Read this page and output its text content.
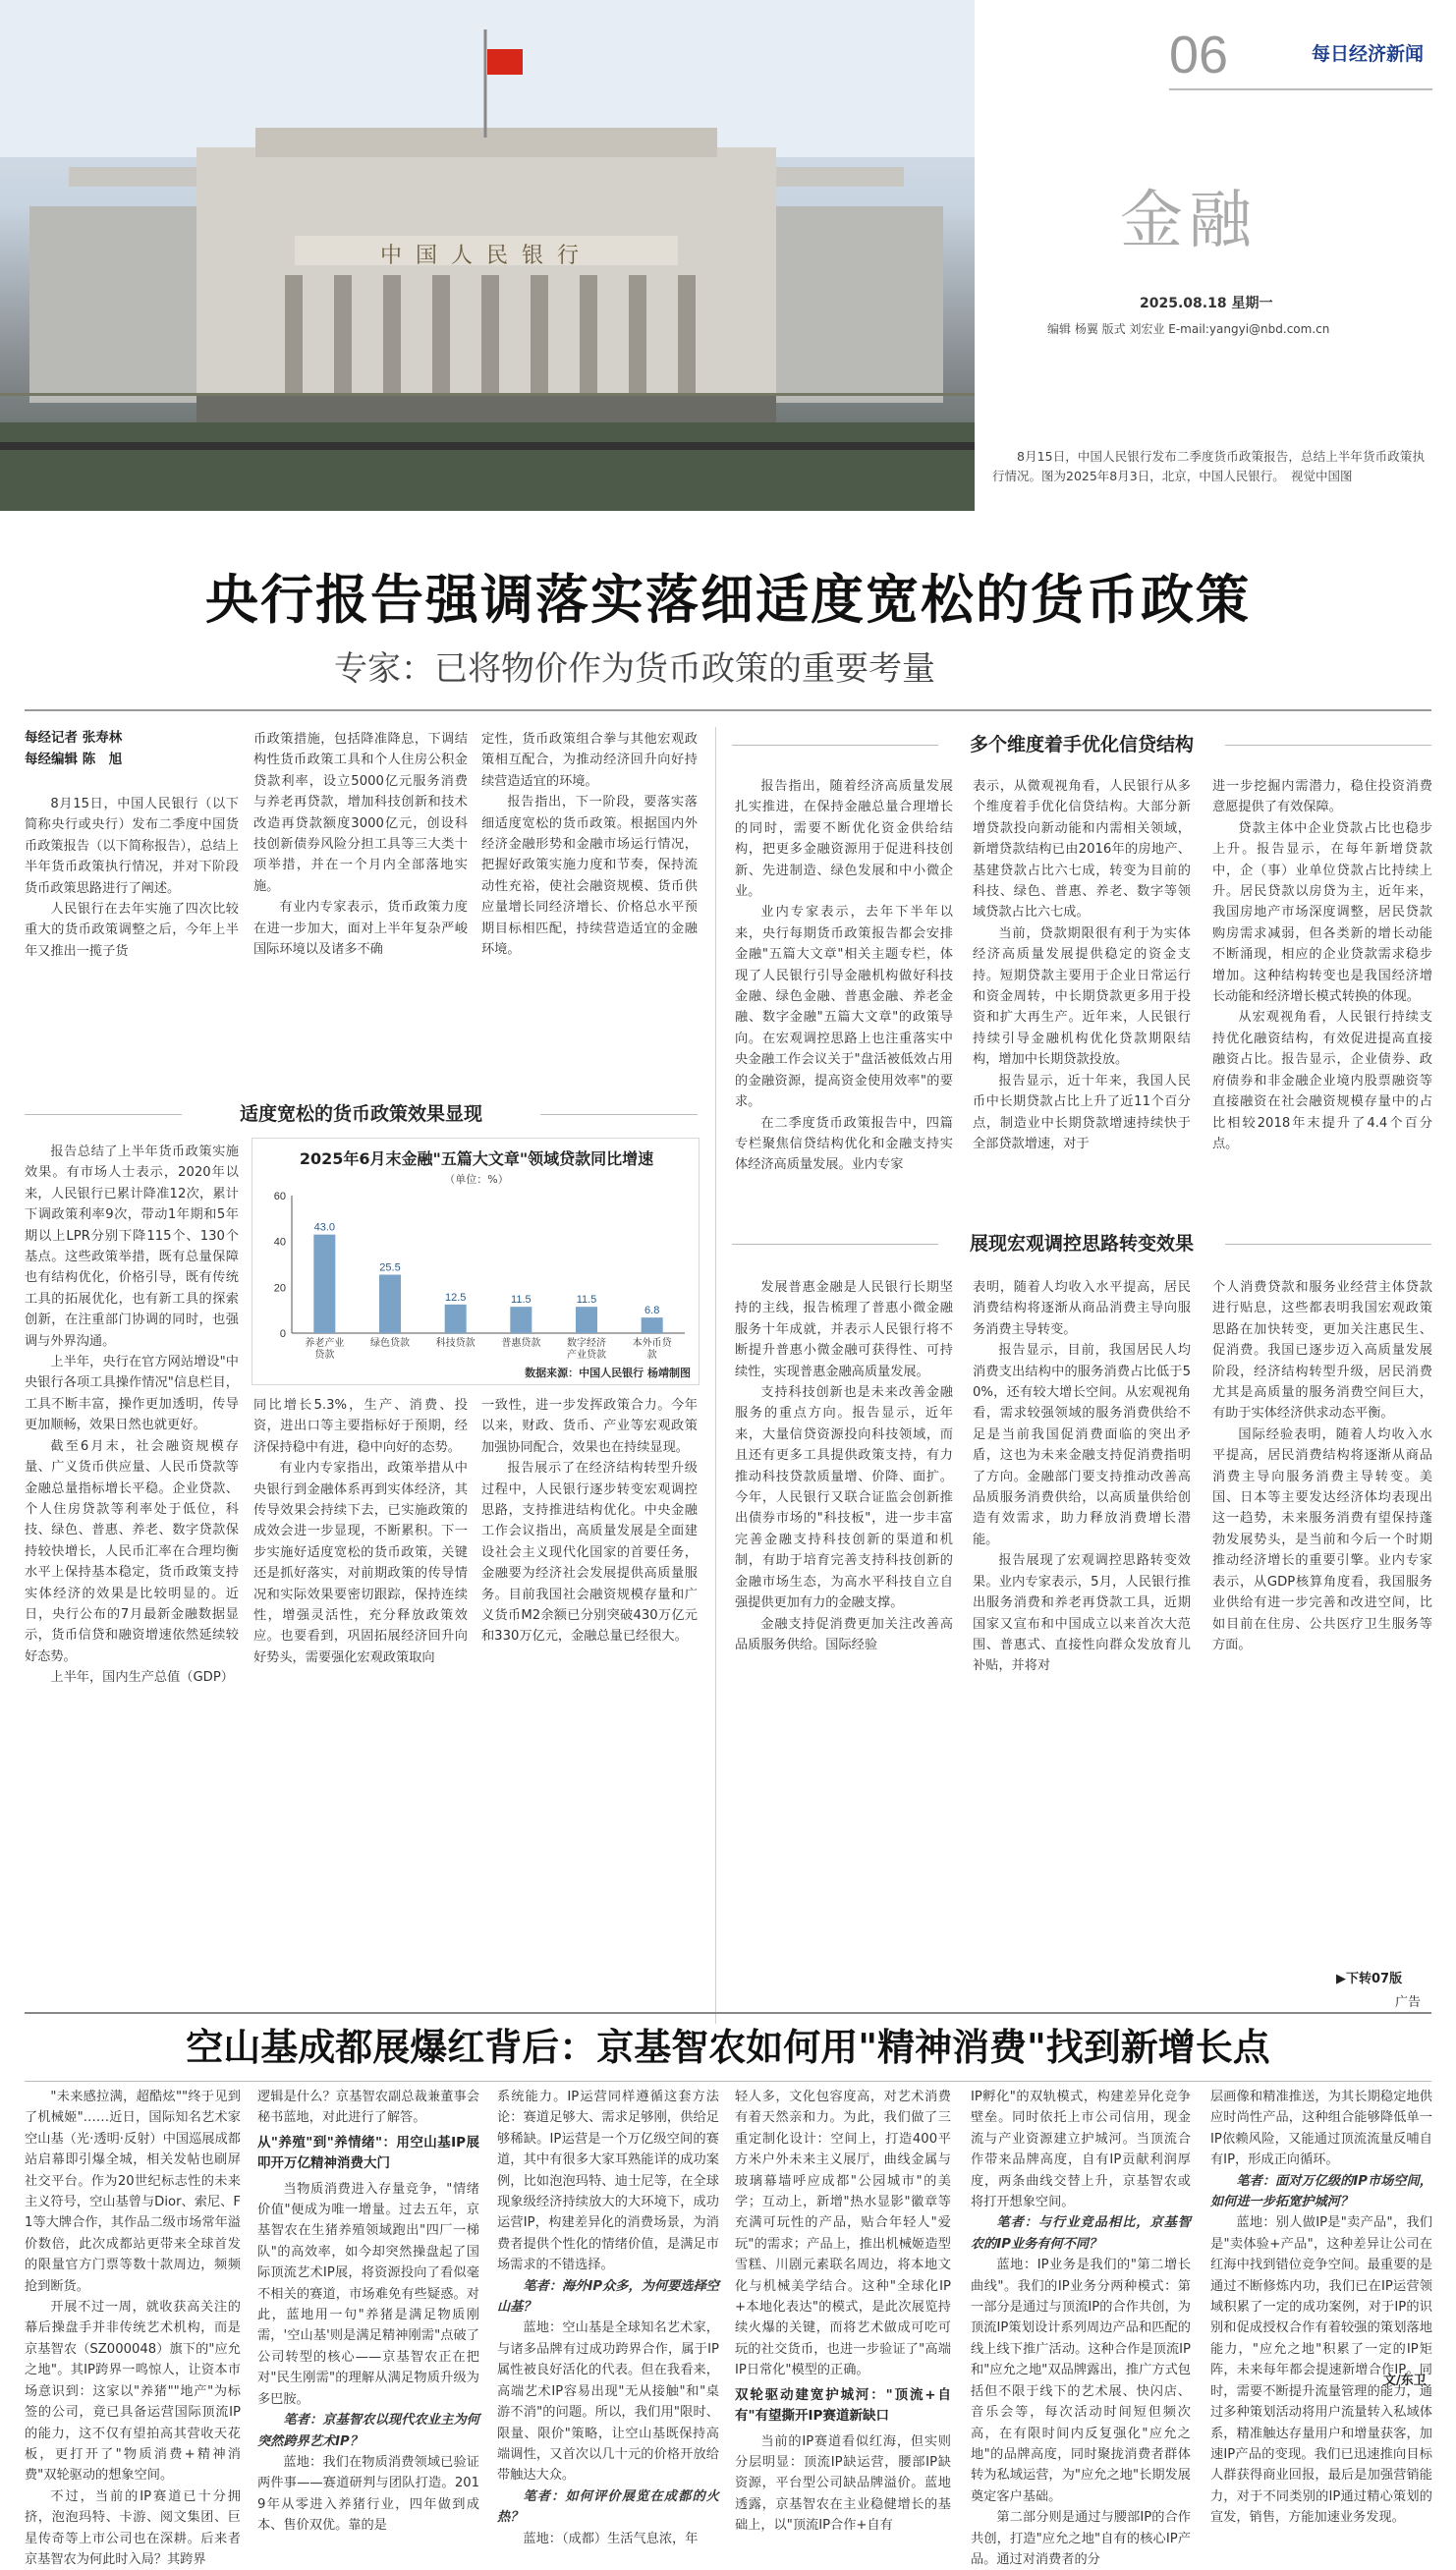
中国人民银行
06	每日经济新闻
金融
2025.08.18 星期一
编辑 杨翼 版式 刘宏业 E-mail:yangyi@nbd.com.cn
8月15日，中国人民银行发布二季度货币政策报告，总结上半年货币政策执行情况。图为2025年8月3日，北京，中国人民银行。　视觉中国图
央行报告强调落实落细适度宽松的货币政策
专家：已将物价作为货币政策的重要考量
每经记者 张寿林
每经编辑 陈　旭

8月15日，中国人民银行（以下简称央行或央行）发布二季度中国货币政策报告（以下简称报告），总结上半年货币政策执行情况，并对下阶段货币政策思路进行了阐述。

人民银行在去年实施了四次比较重大的货币政策调整之后，今年上半年又推出一揽子货

币政策措施，包括降准降息，下调结构性货币政策工具和个人住房公积金贷款利率，设立5000亿元服务消费与养老再贷款，增加科技创新和技术改造再贷款额度3000亿元，创设科技创新债券风险分担工具等三大类十项举措，并在一个月内全部落地实施。

有业内专家表示，货币政策力度在进一步加大，面对上半年复杂严峻国际环境以及诸多不确

定性，货币政策组合拳与其他宏观政策相互配合，为推动经济回升向好持续营造适宜的环境。

报告指出，下一阶段，要落实落细适度宽松的货币政策。根据国内外经济金融形势和金融市场运行情况，把握好政策实施力度和节奏，保持流动性充裕，使社会融资规模、货币供应量增长同经济增长、价格总水平预期目标相匹配，持续营造适宜的金融环境。

适度宽松的货币政策效果显现

报告总结了上半年货币政策实施效果。有市场人士表示，2020年以来，人民银行已累计降准12次，累计下调政策利率9次，带动1年期和5年期以上LPR分别下降115个、130个基点。这些政策举措，既有总量保障也有结构优化，价格引导，既有传统工具的拓展优化，也有新工具的探索创新，在注重部门协调的同时，也强调与外界沟通。

上半年，央行在官方网站增设"中央银行各项工具操作情况"信息栏目，工具不断丰富，操作更加透明，传导更加顺畅，效果日然也就更好。

截至6月末，社会融资规模存量、广义货币供应量、人民币贷款等金融总量指标增长平稳。企业贷款、个人住房贷款等利率处于低位，科技、绿色、普惠、养老、数字贷款保持较快增长，人民币汇率在合理均衡水平上保持基本稳定，货币政策支持实体经济的效果是比较明显的。近日，央行公布的7月最新金融数据显示，货币信贷和融资增速依然延续较好态势。

上半年，国内生产总值（GDP）

2025年6月末金融"五篇大文章"领域贷款同比增速
（单位：%）
0
20
40
60
43.0
养老产业
贷款
25.5
绿色贷款
12.5
科技贷款
11.5
普惠贷款
11.5
数字经济
产业贷款
6.8
本外币贷
款
数据来源：中国人民银行 杨靖制图

同比增长5.3%，生产、消费、投资，进出口等主要指标好于预期，经济保持稳中有进，稳中向好的态势。

有业内专家指出，政策举措从中央银行到金融体系再到实体经济，其传导效果会持续下去，已实施政策的成效会进一步显现，不断累积。下一步实施好适度宽松的货币政策，关键还是抓好落实，对前期政策的传导情况和实际效果要密切跟踪，保持连续性，增强灵活性，充分释放政策效应。也要看到，巩固拓展经济回升向好势头，需要强化宏观政策取向

一致性，进一步发挥政策合力。今年以来，财政、货币、产业等宏观政策加强协同配合，效果也在持续显现。

报告展示了在经济结构转型升级过程中，人民银行逐步转变宏观调控思路，支持推进结构优化。中央金融工作会议指出，高质量发展是全面建设社会主义现代化国家的首要任务，金融要为经济社会发展提供高质量服务。目前我国社会融资规模存量和广义货币M2余额已分别突破430万亿元和330万亿元，金融总量已经很大。

多个维度着手优化信贷结构

报告指出，随着经济高质量发展扎实推进，在保持金融总量合理增长的同时，需要不断优化资金供给结构，把更多金融资源用于促进科技创新、先进制造、绿色发展和中小微企业。

业内专家表示，去年下半年以来，央行每期货币政策报告都会安排金融"五篇大文章"相关主题专栏，体现了人民银行引导金融机构做好科技金融、绿色金融、普惠金融、养老金融、数字金融"五篇大文章"的政策导向。在宏观调控思路上也注重落实中央金融工作会议关于"盘活被低效占用的金融资源，提高资金使用效率"的要求。

在二季度货币政策报告中，四篇专栏聚焦信贷结构优化和金融支持实体经济高质量发展。业内专家

表示，从微观视角看，人民银行从多个维度着手优化信贷结构。大部分新增贷款投向新动能和内需相关领域，新增贷款结构已由2016年的房地产、基建贷款占比六七成，转变为目前的科技、绿色、普惠、养老、数字等领域贷款占比六七成。

当前，贷款期限很有利于为实体经济高质量发展提供稳定的资金支持。短期贷款主要用于企业日常运行和资金周转，中长期贷款更多用于投资和扩大再生产。近年来，人民银行持续引导金融机构优化贷款期限结构，增加中长期贷款投放。

报告显示，近十年来，我国人民币中长期贷款占比上升了近11个百分点，制造业中长期贷款增速持续快于全部贷款增速，对于

进一步挖掘内需潜力，稳住投资消费意愿提供了有效保障。

贷款主体中企业贷款占比也稳步上升。报告显示，在每年新增贷款中，企（事）业单位贷款占比持续上升。居民贷款以房贷为主，近年来，我国房地产市场深度调整，居民贷款购房需求减弱，但各类新的增长动能不断涌现，相应的企业贷款需求稳步增加。这种结构转变也是我国经济增长动能和经济增长模式转换的体现。

从宏观视角看，人民银行持续支持优化融资结构，有效促进提高直接融资占比。报告显示，企业债券、政府债券和非金融企业境内股票融资等直接融资在社会融资规模存量中的占比相较2018年末提升了4.4个百分点。

展现宏观调控思路转变效果

发展普惠金融是人民银行长期坚持的主线，报告梳理了普惠小微金融服务十年成就，并表示人民银行将不断提升普惠小微金融可获得性、可持续性，实现普惠金融高质量发展。

支持科技创新也是未来改善金融服务的重点方向。报告显示，近年来，大量信贷资源投向科技领域，而且还有更多工具提供政策支持，有力推动科技贷款质量增、价降、面扩。今年，人民银行又联合证监会创新推出债券市场的"科技板"，进一步丰富完善金融支持科技创新的渠道和机制，有助于培育完善支持科技创新的金融市场生态，为高水平科技自立自强提供更加有力的金融支撑。

金融支持促消费更加关注改善高品质服务供给。国际经验

表明，随着人均收入水平提高，居民消费结构将逐渐从商品消费主导向服务消费主导转变。

报告显示，目前，我国居民人均消费支出结构中的服务消费占比低于50%，还有较大增长空间。从宏观视角看，需求较强领域的服务消费供给不足是当前我国促消费面临的突出矛盾，这也为未来金融支持促消费指明了方向。金融部门要支持推动改善高品质服务消费供给，以高质量供给创造有效需求，助力释放消费增长潜能。

报告展现了宏观调控思路转变效果。业内专家表示，5月，人民银行推出服务消费和养老再贷款工具，近期国家又宣布和中国成立以来首次大范围、普惠式、直接性向群众发放育儿补贴，并将对

个人消费贷款和服务业经营主体贷款进行贴息，这些都表明我国宏观政策思路在加快转变，更加关注惠民生、促消费。我国已逐步迈入高质量发展阶段，经济结构转型升级，居民消费尤其是高质量的服务消费空间巨大，有助于实体经济供求动态平衡。

国际经验表明，随着人均收入水平提高，居民消费结构将逐渐从商品消费主导向服务消费主导转变。美国、日本等主要发达经济体均表现出这一趋势，未来服务消费有望保持蓬勃发展势头，是当前和今后一个时期推动经济增长的重要引擎。业内专家表示，从GDP核算角度看，我国服务业供给有进一步完善和改进空间，比如目前在住房、公共医疗卫生服务等方面。

▶下转07版
广告
空山基成都展爆红背后：京基智农如何用"精神消费"找到新增长点

"未来感拉满，超酷炫""终于见到了机械姬"……近日，国际知名艺术家空山基（光·透明·反射）中国巡展成都站启幕即引爆全城，相关发帖也刷屏社交平台。作为20世纪标志性的未来主义符号，空山基曾与Dior、索尼、F1等大牌合作，其作品二级市场常年溢价数倍，此次成都站更带来全球首发的限量官方门票等数十款周边，频频抢到断货。

开展不过一周，就收获高关注的幕后操盘手并非传统艺术机构，而是京基智农（SZ000048）旗下的"应允之地"。其IP跨界一鸣惊人，让资本市场意识到：这家以"养猪""地产"为标签的公司，竟已具备运营国际顶流IP的能力，这不仅有望拍高其营收天花板，更打开了"物质消费+精神消费"双轮驱动的想象空间。

不过，当前的IP赛道已十分拥挤，泡泡玛特、卡游、阅文集团、巨星传奇等上市公司也在深耕。后来者京基智农为何此时入局？其跨界

逻辑是什么？京基智农副总裁兼董事会秘书蓝地，对此进行了解答。

从"养殖"到"养情绪"：用空山基IP展叩开万亿精神消费大门

当物质消费进入存量竞争，"情绪价值"便成为唯一增量。过去五年，京基智农在生猪养殖领域跑出"四厂一梯队"的高效率，如今却突然操盘起了国际顶流艺术IP展，将资源投向了看似毫不相关的赛道，市场难免有些疑惑。对此，蓝地用一句"养猪是满足物质刚需，'空山基'则是满足精神刚需"点破了公司转型的核心——京基智农正在把对"民生刚需"的理解从满足物质升级为多巴胺。

笔者：京基智农以现代农业主为何突然跨界艺术IP？

蓝地：我们在物质消费领域已验证两件事——赛道研判与团队打造。2019年从零进入养猪行业，四年做到成本、售价双优。靠的是

系统能力。IP运营同样遵循这套方法论：赛道足够大、需求足够刚，供给足够稀缺。IP运营是一个万亿级空间的赛道，其中有很多大家耳熟能详的成功案例，比如泡泡玛特、迪士尼等，在全球现象级经济持续放大的大环境下，成功运营IP，构建差异化的消费场景，为消费者提供个性化的情绪价值，是满足市场需求的不错选择。

笔者：海外IP众多，为何要选择空山基？

蓝地：空山基是全球知名艺术家，与诸多品牌有过成功跨界合作，属于IP属性被良好活化的代表。但在我看来，高端艺术IP容易出现"无从接触"和"桌游不消"的问题。所以，我们用"限时、限量、限价"策略，让空山基既保持高端调性，又首次以几十元的价格开放给带触达大众。

笔者：如何评价展览在成都的火热？

蓝地：（成都）生活气息浓，年

轻人多，文化包容度高，对艺术消费有着天然亲和力。为此，我们做了三重定制化设计：空间上，打造400平方米户外未来主义展厅，曲线金属与玻璃幕墙呼应成都"公园城市"的美学；互动上，新增"热水显影"徽章等充满可玩性的产品，贴合年轻人"爱玩"的需求；产品上，推出机械姬造型雪糕、川剧元素联名周边，将本地文化与机械美学结合。这种"全球化IP+本地化表达"的模式，是此次展览持续火爆的关键，而将艺术做成可吃可玩的社交货币，也进一步验证了"高端IP日常化"模型的正确。

双轮驱动建宽护城河："顶流+自有"有望撕开IP赛道新缺口

当前的IP赛道看似红海，但实则分层明显：顶流IP缺运营，腰部IP缺资源，平台型公司缺品牌溢价。蓝地透露，京基智农在主业稳健增长的基础上，以"顶流IP合作+自有

IP孵化"的双轨模式，构建差异化竞争壁垒。同时依托上市公司信用，现金流与产业资源建立护城河。当顶流合作带来品牌高度，自有IP贡献利润厚度，两条曲线交替上升，京基智农或将打开想象空间。

笔者：与行业竞品相比，京基智农的IP业务有何不同？

蓝地：IP业务是我们的"第二增长曲线"。我们的IP业务分两种模式：第一部分是通过与顶流IP的合作共创，为顶流IP策划设计系列周边产品和匹配的线上线下推广活动。这种合作是顶流IP和"应允之地"双品牌露出，推广方式包括但不限于线下的艺术展、快闪店、音乐会等，每次活动时间短但频次高，在有限时间内反复强化"应允之地"的品牌高度，同时聚拢消费者群体转为私域运营，为"应允之地"长期发展奠定客户基础。

第二部分则是通过与腰部IP的合作共创，打造"应允之地"自有的核心IP产品。通过对消费者的分

层画像和精准推送，为其长期稳定地供应时尚性产品，这种组合能够降低单一IP依赖风险，又能通过顶流流量反哺自有IP，形成正向循环。

笔者：面对万亿级的IP市场空间，如何进一步拓宽护城河？

蓝地：别人做IP是"卖产品"，我们是"卖体验+产品"，这种差异让公司在红海中找到错位竞争空间。最重要的是通过不断修炼内功，我们已在IP运营领域积累了一定的成功案例，对于IP的识别和促成授权合作有着较强的策划落地能力，"应允之地"积累了一定的IP矩阵，未来每年都会提速新增合作IP。同时，需要不断提升流量管理的能力，通过多种策划活动将用户流量转入私域体系，精准触达存量用户和增量获客，加速IP产品的变现。我们已迅速推向目标人群获得商业回报，最后是加强营销能力，对于不同类别的IP通过精心策划的宣发，销售，方能加速业务发现。

文/东卫
